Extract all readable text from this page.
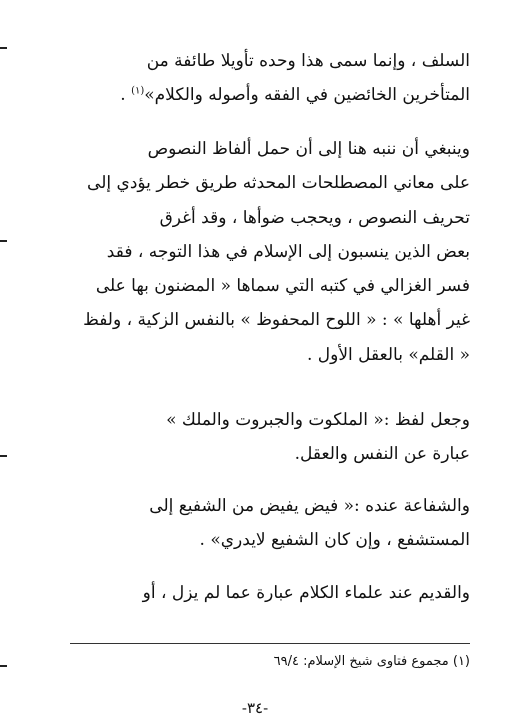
السلف ، وإنما سمى هذا وحده تأويلا طائفة من
المتأخرين الخائضين في الفقه وأصوله والكلام»$^{(١)}$ .
وينبغي أن ننبه هنا إلى أن حمل ألفاظ النصوص
على معاني المصطلحات المحدثه طريق خطر يؤدي إلى
تحريف النصوص ، ويحجب ضوأها ، وقد أغرق
بعض الذين ينسبون إلى الإسلام في هذا التوجه ، فقد
فسر الغزالي في كتبه التي سماها « المضنون بها على
غير أهلها » : « اللوح المحفوظ » بالنفس الزكية ، ولفظ
« القلم» بالعقل الأول .
وجعل لفظ :« الملكوت والجبروت والملك »
عبارة عن النفس والعقل.
والشفاعة عنده :« فيض يفيض من الشفيع إلى
المستشفع ، وإن كان الشفيع لايدري» .
والقديم عند علماء الكلام عبارة عما لم يزل ، أو
(١) مجموع فتاوى شيخ الإسلام: ٦٩/٤
-٣٤-
